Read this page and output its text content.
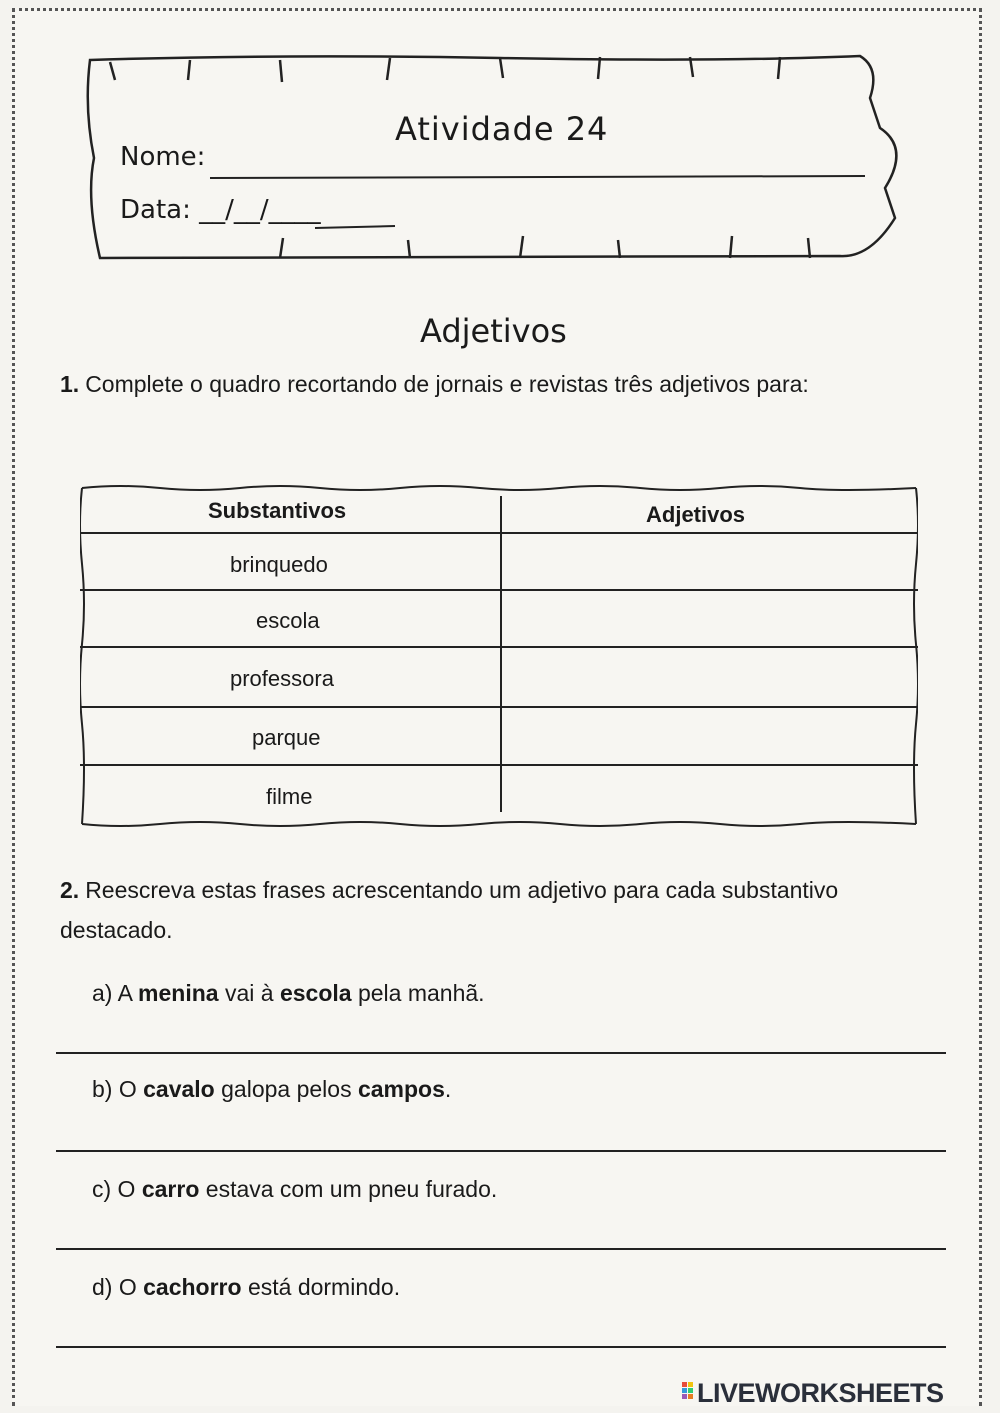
Atividade 24
Nome:
Data: __/__/____
Adjetivos
1. Complete o quadro recortando de jornais e revistas três adjetivos para:
Substantivos	Adjetivos
brinquedo
escola
professora
parque
filme
2. Reescreva estas frases acrescentando um adjetivo para cada substantivo destacado.
a) A menina vai à escola pela manhã.
b) O cavalo galopa pelos campos.
c) O carro estava com um pneu furado.
d) O cachorro está dormindo.
LIVEWORKSHEETS
